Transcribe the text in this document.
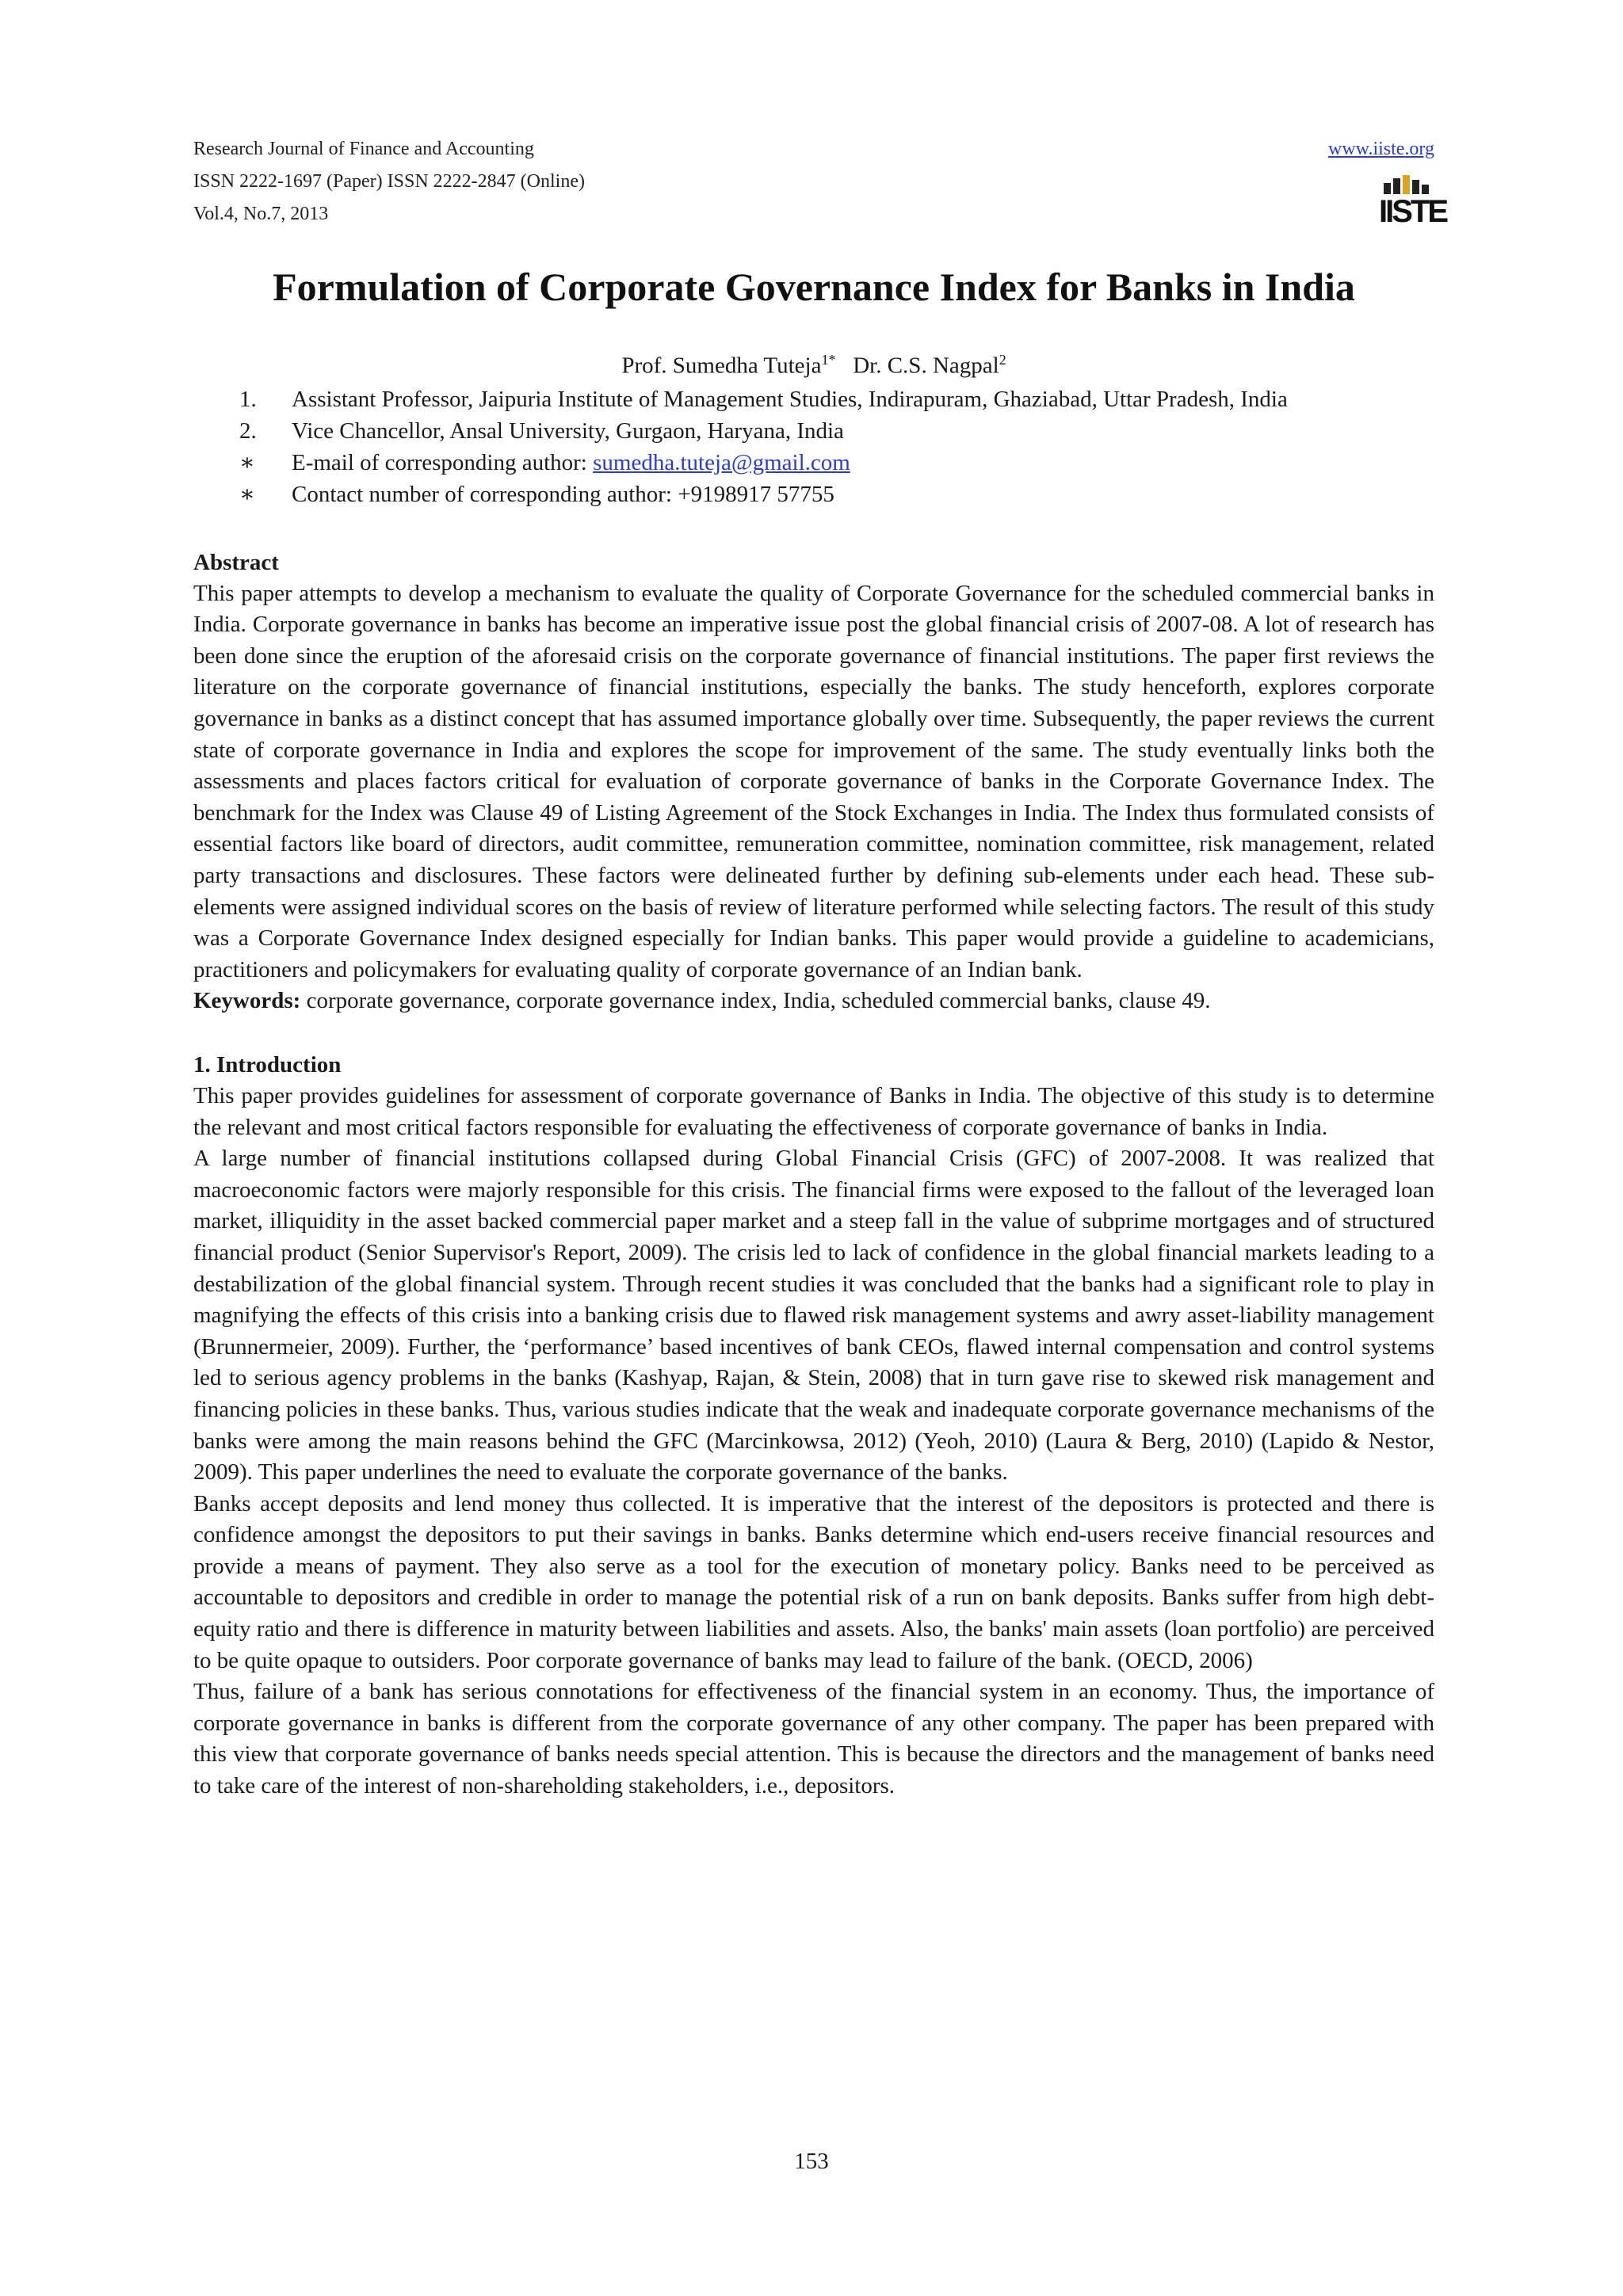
Research Journal of Finance and Accounting
ISSN 2222-1697 (Paper) ISSN 2222-2847 (Online)
Vol.4, No.7, 2013
www.iiste.org

IISTE
Formulation of Corporate Governance Index for Banks in India
Prof. Sumedha Tuteja$^{1*}$ Dr. C.S. Nagpal$^2$
1. Assistant Professor, Jaipuria Institute of Management Studies, Indirapuram, Ghaziabad, Uttar Pradesh, India
2. Vice Chancellor, Ansal University, Gurgaon, Haryana, India
∗ E-mail of corresponding author: sumedha.tuteja@gmail.com
∗ Contact number of corresponding author: +9198917 57755
Abstract

This paper attempts to develop a mechanism to evaluate the quality of Corporate Governance for the scheduled commercial banks in India. Corporate governance in banks has become an imperative issue post the global financial crisis of 2007-08. A lot of research has been done since the eruption of the aforesaid crisis on the corporate governance of financial institutions. The paper first reviews the literature on the corporate governance of financial institutions, especially the banks. The study henceforth, explores corporate governance in banks as a distinct concept that has assumed importance globally over time. Subsequently, the paper reviews the current state of corporate governance in India and explores the scope for improvement of the same. The study eventually links both the assessments and places factors critical for evaluation of corporate governance of banks in the Corporate Governance Index. The benchmark for the Index was Clause 49 of Listing Agreement of the Stock Exchanges in India. The Index thus formulated consists of essential factors like board of directors, audit committee, remuneration committee, nomination committee, risk management, related party transactions and disclosures. These factors were delineated further by defining sub-elements under each head. These sub-elements were assigned individual scores on the basis of review of literature performed while selecting factors. The result of this study was a Corporate Governance Index designed especially for Indian banks. This paper would provide a guideline to academicians, practitioners and policymakers for evaluating quality of corporate governance of an Indian bank.

Keywords: corporate governance, corporate governance index, India, scheduled commercial banks, clause 49.

1. Introduction

This paper provides guidelines for assessment of corporate governance of Banks in India. The objective of this study is to determine the relevant and most critical factors responsible for evaluating the effectiveness of corporate governance of banks in India.

A large number of financial institutions collapsed during Global Financial Crisis (GFC) of 2007-2008. It was realized that macroeconomic factors were majorly responsible for this crisis. The financial firms were exposed to the fallout of the leveraged loan market, illiquidity in the asset backed commercial paper market and a steep fall in the value of subprime mortgages and of structured financial product (Senior Supervisor's Report, 2009). The crisis led to lack of confidence in the global financial markets leading to a destabilization of the global financial system. Through recent studies it was concluded that the banks had a significant role to play in magnifying the effects of this crisis into a banking crisis due to flawed risk management systems and awry asset-liability management (Brunnermeier, 2009). Further, the ‘performance’ based incentives of bank CEOs, flawed internal compensation and control systems led to serious agency problems in the banks (Kashyap, Rajan, & Stein, 2008) that in turn gave rise to skewed risk management and financing policies in these banks. Thus, various studies indicate that the weak and inadequate corporate governance mechanisms of the banks were among the main reasons behind the GFC (Marcinkowsa, 2012) (Yeoh, 2010) (Laura & Berg, 2010) (Lapido & Nestor, 2009). This paper underlines the need to evaluate the corporate governance of the banks.

Banks accept deposits and lend money thus collected. It is imperative that the interest of the depositors is protected and there is confidence amongst the depositors to put their savings in banks. Banks determine which end-users receive financial resources and provide a means of payment. They also serve as a tool for the execution of monetary policy. Banks need to be perceived as accountable to depositors and credible in order to manage the potential risk of a run on bank deposits. Banks suffer from high debt-equity ratio and there is difference in maturity between liabilities and assets. Also, the banks' main assets (loan portfolio) are perceived to be quite opaque to outsiders. Poor corporate governance of banks may lead to failure of the bank. (OECD, 2006)

Thus, failure of a bank has serious connotations for effectiveness of the financial system in an economy. Thus, the importance of corporate governance in banks is different from the corporate governance of any other company. The paper has been prepared with this view that corporate governance of banks needs special attention. This is because the directors and the management of banks need to take care of the interest of non-shareholding stakeholders, i.e., depositors.

153
